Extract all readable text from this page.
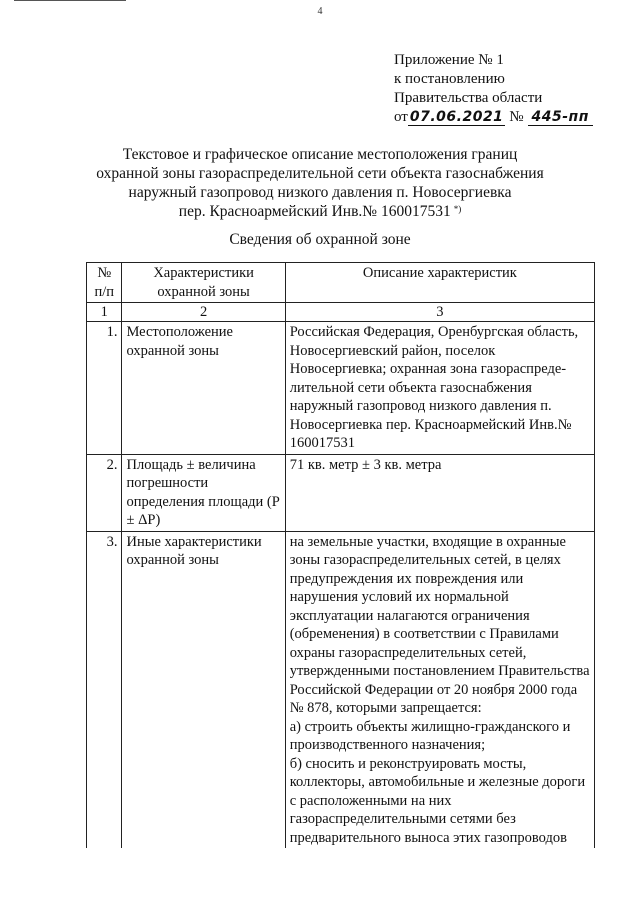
4
Приложение № 1
к постановлению
Правительства области
от 07.06.2021 № 445-пп
Текстовое и графическое описание местоположения границ
охранной зоны газораспределительной сети объекта газоснабжения
наружный газопровод низкого давления п. Новосергиевка
пер. Красноармейский Инв.№ 160017531 *)
Сведения об охранной зоне
№ п/п	Характеристики охранной зоны	Описание характеристик
1	2	3
1.	Местоположение охранной зоны	Российская Федерация, Оренбургская область, Новосергиевский район, поселок Новосергиевка; охранная зона газораспреде-лительной сети объекта газоснабжения наружный газопровод низкого давления п. Новосергиевка пер. Красноармейский Инв.№ 160017531
2.	Площадь ± величина погрешности определения площади (Р ± ΔР)	71 кв. метр ± 3 кв. метра
3.	Иные характеристики охранной зоны	на земельные участки, входящие в охранные зоны газораспределительных сетей, в целях предупреждения их повреждения или нарушения условий их нормальной эксплуатации налагаются ограничения (обременения) в соответствии с Правилами охраны газораспределительных сетей, утвержденными постановлением Правительства Российской Федерации от 20 ноября 2000 года № 878, которыми запрещается:
а) строить объекты жилищно-гражданского и производственного назначения;
б) сносить и реконструировать мосты, коллекторы, автомобильные и железные дороги с расположенными на них газораспределительными сетями без предварительного выноса этих газопроводов
